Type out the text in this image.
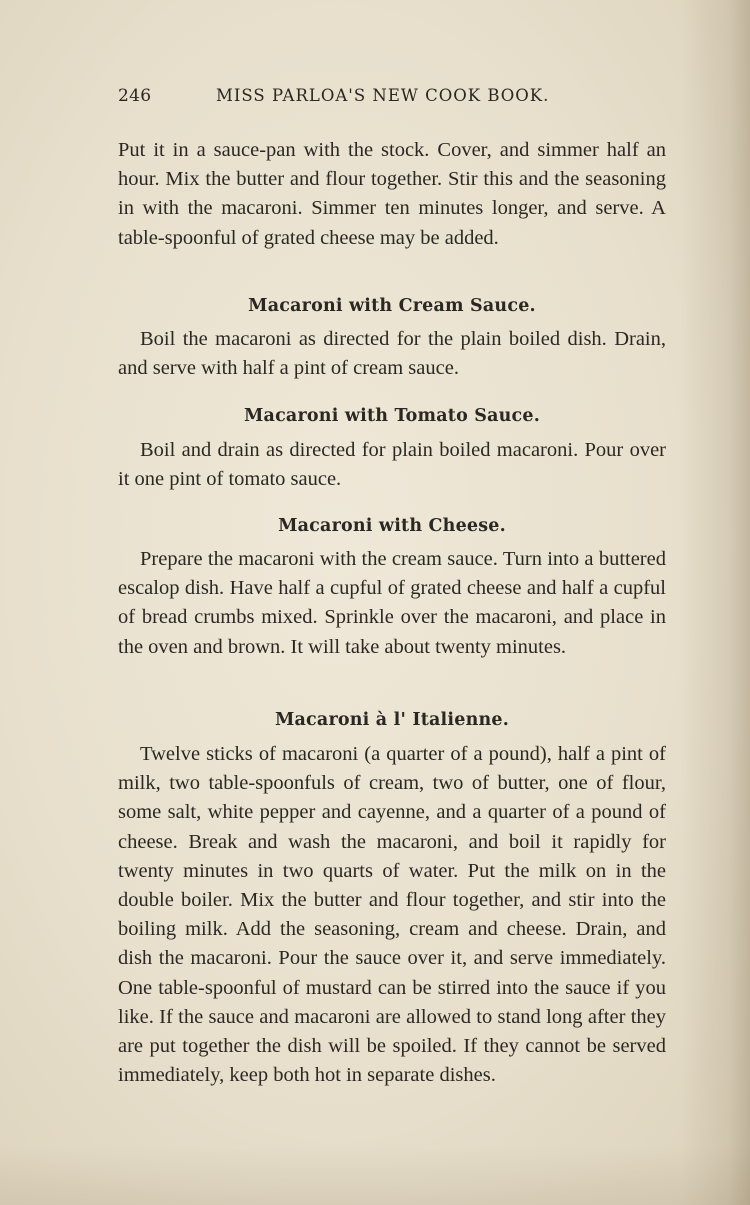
246	MISS PARLOA'S NEW COOK BOOK.

Put it in a sauce-pan with the stock. Cover, and simmer half an hour. Mix the butter and flour together. Stir this and the seasoning in with the macaroni. Simmer ten minutes longer, and serve. A table-spoonful of grated cheese may be added.

Macaroni with Cream Sauce.

Boil the macaroni as directed for the plain boiled dish. Drain, and serve with half a pint of cream sauce.

Macaroni with Tomato Sauce.

Boil and drain as directed for plain boiled macaroni. Pour over it one pint of tomato sauce.

Macaroni with Cheese.

Prepare the macaroni with the cream sauce. Turn into a buttered escalop dish. Have half a cupful of grated cheese and half a cupful of bread crumbs mixed. Sprinkle over the macaroni, and place in the oven and brown. It will take about twenty minutes.

Macaroni à l' Italienne.

Twelve sticks of macaroni (a quarter of a pound), half a pint of milk, two table-spoonfuls of cream, two of butter, one of flour, some salt, white pepper and cayenne, and a quarter of a pound of cheese. Break and wash the macaroni, and boil it rapidly for twenty minutes in two quarts of water. Put the milk on in the double boiler. Mix the butter and flour together, and stir into the boiling milk. Add the seasoning, cream and cheese. Drain, and dish the macaroni. Pour the sauce over it, and serve immediately. One table-spoonful of mustard can be stirred into the sauce if you like. If the sauce and macaroni are allowed to stand long after they are put together the dish will be spoiled. If they cannot be served immediately, keep both hot in separate dishes.
